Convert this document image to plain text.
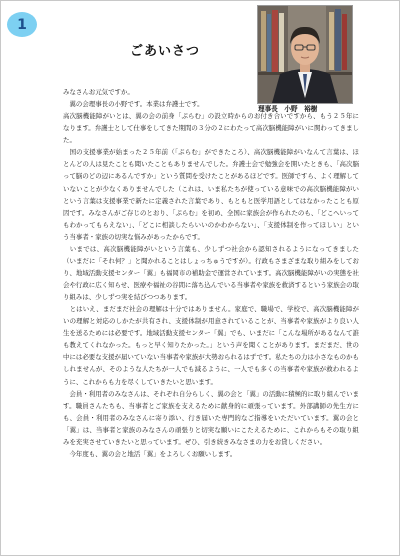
1
ごあいさつ
理事長　小野　裕樹

みなさんお元気ですか。

　翼の会理事長の小野です。本業は弁護士です。

高次脳機能障がいとは、翼の会の前身「ぷらむ」の設立時からのお付き合いですから、もう２５年になります。弁護士として仕事をしてきた期間の３分の２にわたって高次脳機能障がいに関わってきました。

　国の支援事業が始まった２５年前（「ぷらむ」ができたころ）、高次脳機能障がいなんて言葉は、ほとんどの人は見たことも聞いたこともありませんでした。弁護士会で勉強会を開いたときも、「高次脳って脳のどの辺にあるんですか」という質問を受けたことがあるほどです。医師ですら、よく理解していないことが少なくありませんでした（これは、いま私たちが使っている意味での高次脳機能障がいという言葉は支援事業で新たに定義された言葉であり、もともと医学用語としてはなかったことも原因です。みなさんがご存じのとおり、「ぷらむ」を初め、全国に家族会が作られたのも、「どこへいってもわかってもらえない」、「どこに相談したらいいのかわからない」、「支援体制を作ってほしい」という当事者・家族の切実な悩みがあったからです。

　いまでは、高次脳機能障がいという言葉も、少しずつ社会から認知されるようになってきました（いまだに「それ何？」と聞かれることはしょっちゅうですが）。行政もさまざまな取り組みをしており、地域活動支援センター「翼」も福岡市の補助金で運営されています。高次脳機能障がいの実態を社会や行政に広く知らせ、医療や福祉の谷間に落ち込んでいる当事者や家族を救済するという家族会の取り組みは、少しずつ実を結びつつあります。

　とはいえ、まだまだ社会の理解は十分ではありません。家庭で、職場で、学校で、高次脳機能障がいの理解と対応のしかたが共有され、支援体制が用意されていることが、当事者や家族がより良い人生を送るためには必要です。地域活動支援センター「翼」でも、いまだに「こんな場所があるなんて誰も教えてくれなかった。もっと早く知りたかった。」という声を聞くことがあります。まだまだ、世の中には必要な支援が届いていない当事者や家族が大勢おられるはずです。私たちの力は小さなものかもしれませんが、そのような人たちが一人でも減るように、一人でも多くの当事者や家族が救われるように、これからも力を尽くしていきたいと思います。

　会員・利用者のみなさんは、それぞれ自分らしく、翼の会と「翼」の活動に積極的に取り組んでいます。職員さんたちも、当事者とご家族を支えるために献身的に頑張っています。外部講師の先生方にも、会員・利用者のみなさんに寄り添い、行き届いた専門的なご指導をいただいています。翼の会と「翼」は、当事者と家族のみなさんの頑張りと切実な願いにこたえるために、これからもその取り組みを充実させていきたいと思っています。ぜひ、引き続きみなさまの力をお貸しください。

　今年度も、翼の会と地活「翼」をよろしくお願いします。
